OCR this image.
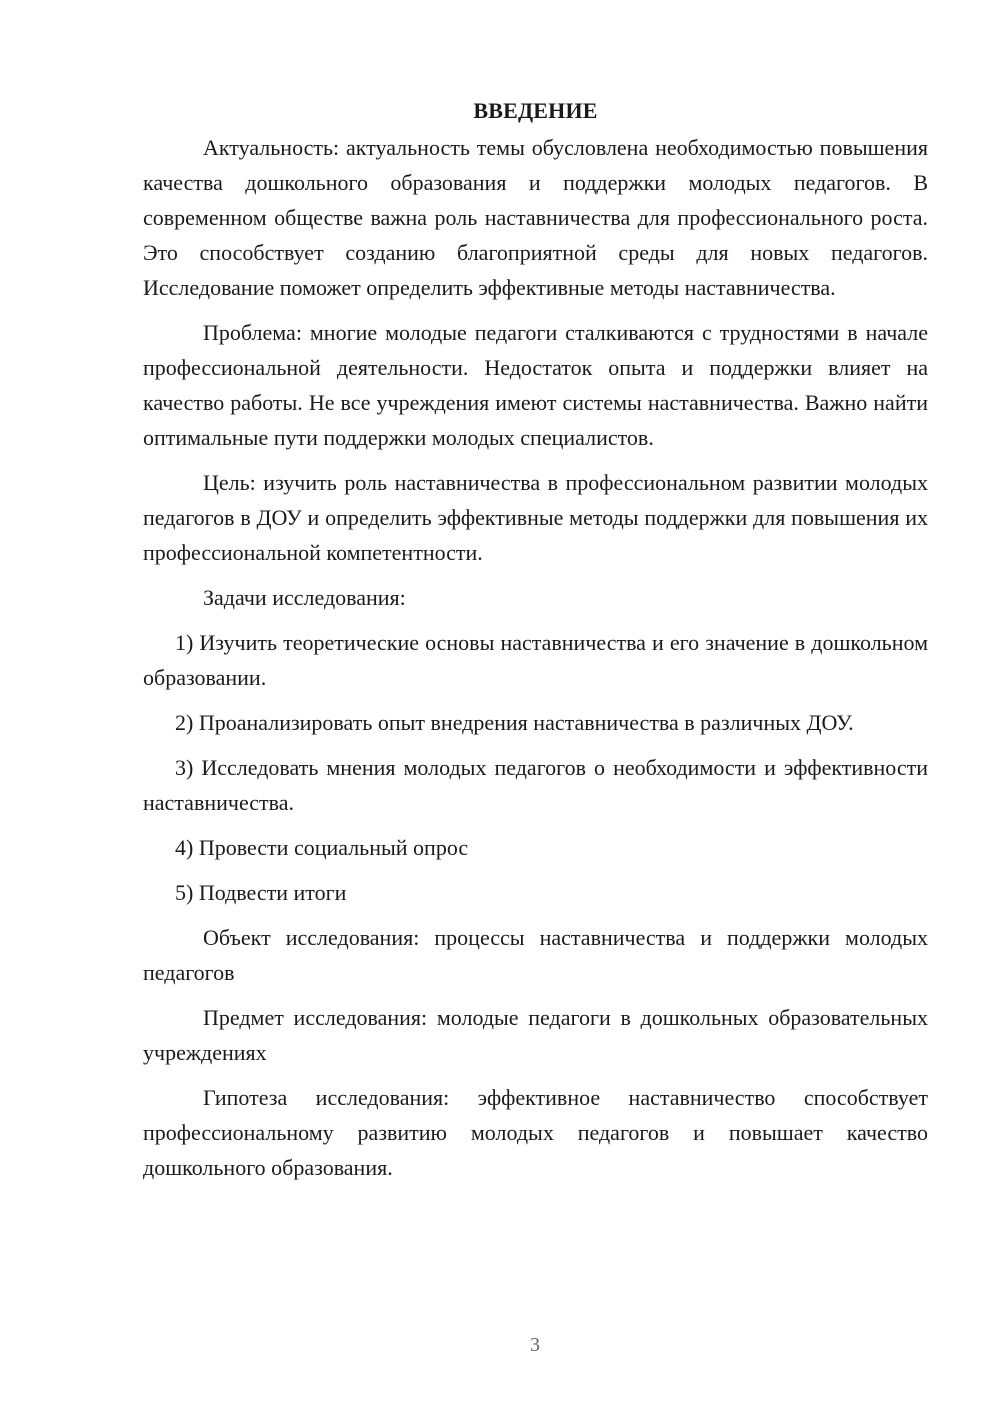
ВВЕДЕНИЕ

Актуальность: актуальность темы обусловлена необходимостью повышения качества дошкольного образования и поддержки молодых педагогов. В современном обществе важна роль наставничества для профессионального роста. Это способствует созданию благоприятной среды для новых педагогов. Исследование поможет определить эффективные методы наставничества.

Проблема: многие молодые педагоги сталкиваются с трудностями в начале профессиональной деятельности. Недостаток опыта и поддержки влияет на качество работы. Не все учреждения имеют системы наставничества. Важно найти оптимальные пути поддержки молодых специалистов.

Цель: изучить роль наставничества в профессиональном развитии молодых педагогов в ДОУ и определить эффективные методы поддержки для повышения их профессиональной компетентности.

Задачи исследования:

1) Изучить теоретические основы наставничества и его значение в дошкольном образовании.

2) Проанализировать опыт внедрения наставничества в различных ДОУ.

3) Исследовать мнения молодых педагогов о необходимости и эффективности наставничества.

4) Провести социальный опрос

5) Подвести итоги

Объект исследования: процессы наставничества и поддержки молодых педагогов

Предмет исследования: молодые педагоги в дошкольных образовательных учреждениях

Гипотеза исследования: эффективное наставничество способствует профессиональному развитию молодых педагогов и повышает качество дошкольного образования.

3
